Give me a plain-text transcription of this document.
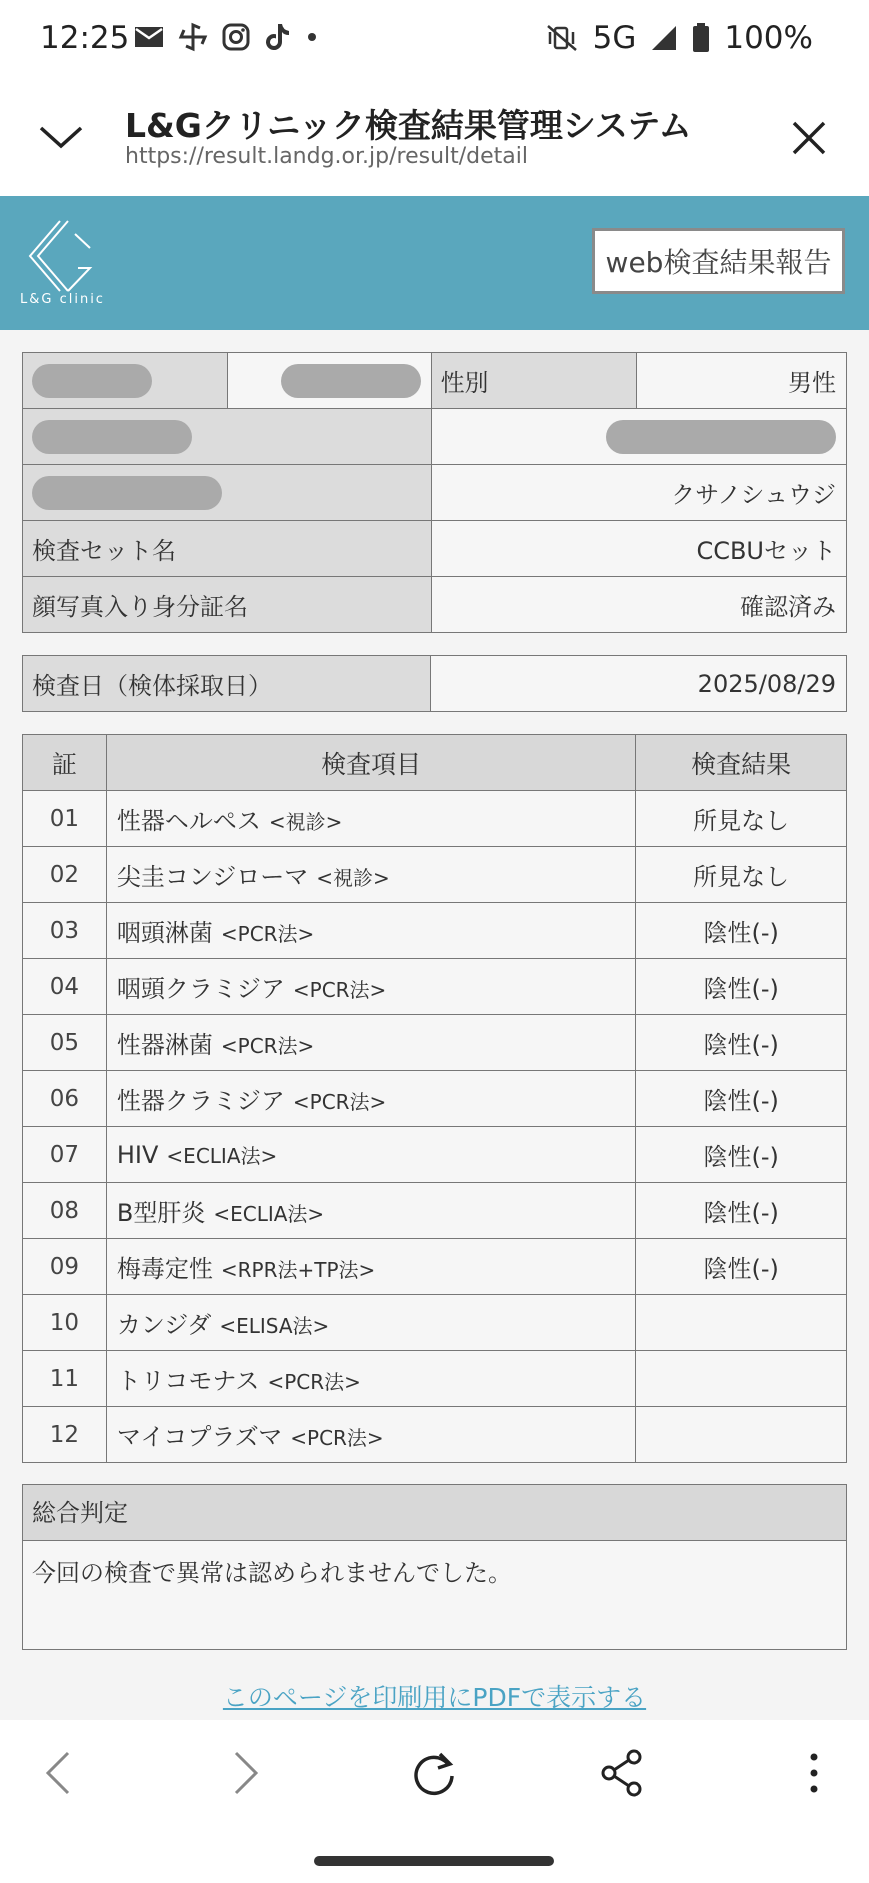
12:25	5G	100%
L&Gクリニック検査結果管理システム
https://result.landg.or.jp/result/detail
L&G clinic
web検査結果報告
		性別	男性

		クサノシュウジ	
検査セット名		CCBUセット	
顔写真入り身分証名		確認済み	
検査日（検体採取日）	2025/08/29
証	検査項目	検査結果
01	性器ヘルペス <視診>	所見なし
02	尖圭コンジローマ <視診>	所見なし
03	咽頭淋菌 <PCR法>	陰性(-)
04	咽頭クラミジア <PCR法>	陰性(-)
05	性器淋菌 <PCR法>	陰性(-)
06	性器クラミジア <PCR法>	陰性(-)
07	HIV <ECLIA法>	陰性(-)
08	B型肝炎 <ECLIA法>	陰性(-)
09	梅毒定性 <RPR法+TP法>	陰性(-)
10	カンジダ <ELISA法>	
11	トリコモナス <PCR法>	
12	マイコプラズマ <PCR法>	
総合判定
今回の検査で異常は認められませんでした。
このページを印刷用にPDFで表示する
